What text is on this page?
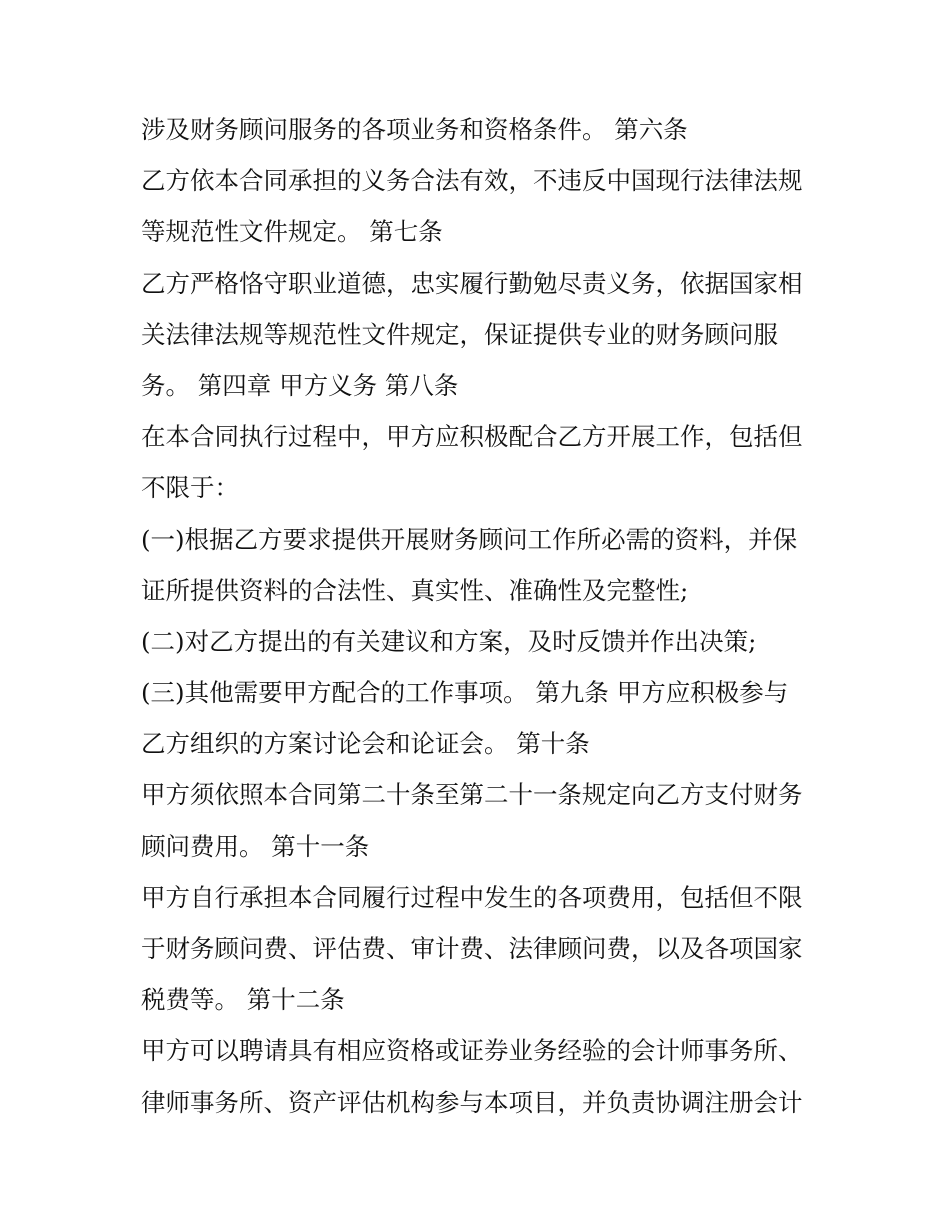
涉及财务顾问服务的各项业务和资格条件。 第六条
乙方依本合同承担的义务合法有效，不违反中国现行法律法规
等规范性文件规定。 第七条
乙方严格恪守职业道德，忠实履行勤勉尽责义务，依据国家相
关法律法规等规范性文件规定，保证提供专业的财务顾问服
务。 第四章 甲方义务 第八条
在本合同执行过程中，甲方应积极配合乙方开展工作，包括但
不限于：
(一)根据乙方要求提供开展财务顾问工作所必需的资料，并保
证所提供资料的合法性、真实性、准确性及完整性;
(二)对乙方提出的有关建议和方案，及时反馈并作出决策;
(三)其他需要甲方配合的工作事项。 第九条 甲方应积极参与
乙方组织的方案讨论会和论证会。 第十条
甲方须依照本合同第二十条至第二十一条规定向乙方支付财务
顾问费用。 第十一条
甲方自行承担本合同履行过程中发生的各项费用，包括但不限
于财务顾问费、评估费、审计费、法律顾问费，以及各项国家
税费等。 第十二条
甲方可以聘请具有相应资格或证券业务经验的会计师事务所、
律师事务所、资产评估机构参与本项目，并负责协调注册会计
